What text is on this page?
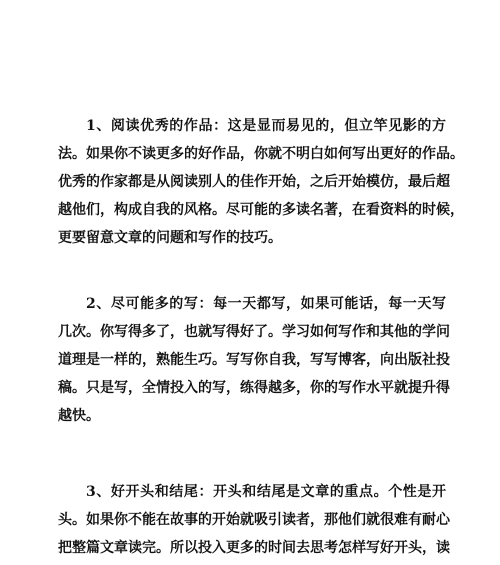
1、阅读优秀的作品：这是显而易见的，但立竿见影的方
法。如果你不读更多的好作品，你就不明白如何写出更好的作品。
优秀的作家都是从阅读别人的佳作开始，之后开始模仿，最后超
越他们，构成自我的风格。尽可能的多读名著，在看资料的时候，
更要留意文章的问题和写作的技巧。
2、尽可能多的写：每一天都写，如果可能话，每一天写
几次。你写得多了，也就写得好了。学习如何写作和其他的学问
道理是一样的，熟能生巧。写写你自我，写写博客，向出版社投
稿。只是写，全情投入的写，练得越多，你的写作水平就提升得
越快。
3、好开头和结尾：开头和结尾是文章的重点。个性是开
头。如果你不能在故事的开始就吸引读者，那他们就很难有耐心
把整篇文章读完。所以投入更多的时间去思考怎样写好开头，读
